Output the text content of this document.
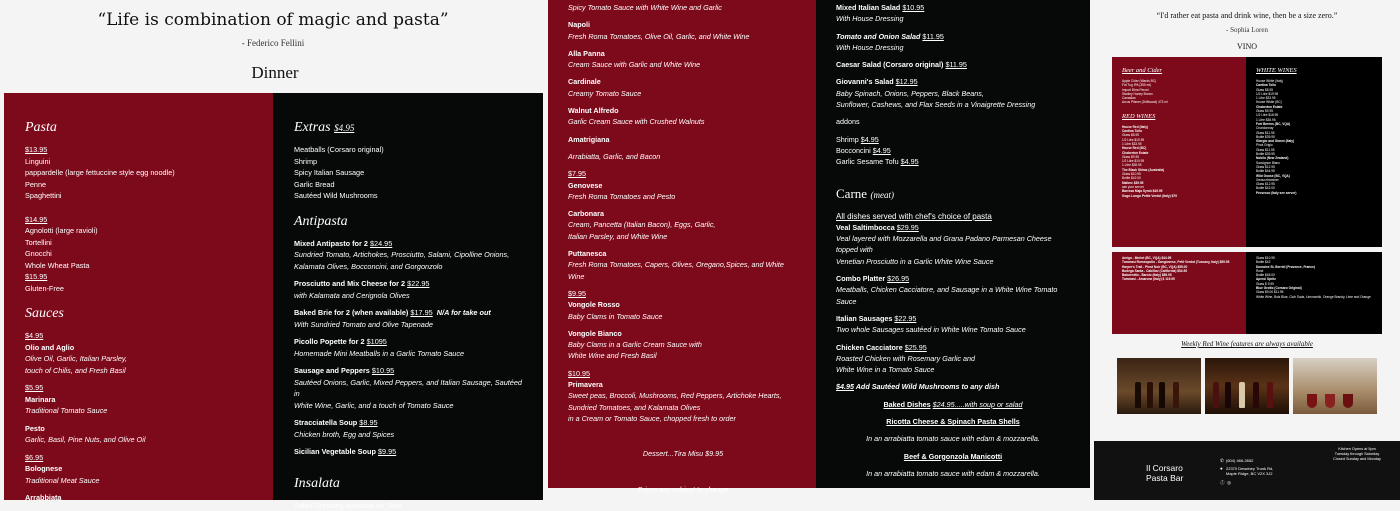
“Life is combination of magic and pasta”
- Federico Fellini
Dinner
Pasta
$13.95
Linguini
pappardelle (large fettuccine style egg noodle)
Penne
Spaghettini
$14.95
Agnolotti (large ravioli)
Tortellini
Gnocchi
Whole Wheat Pasta
$15.95
Gluten-Free
Sauces
$4.95
Olio and Aglio
Olive Oil, Garlic, Italian Parsley,
touch of Chilis, and Fresh Basil
$5.95
Marinara
Traditional Tomato Sauce
Pesto
Garlic, Basil, Pine Nuts, and Olive Oil
$6.95
Bolognese
Traditional Meat Sauce
Arrabbiata
Extras $4.95
Meatballs (Corsaro original)
Shrimp
Spicy Italian Sausage
Garlic Bread
Sautéed Wild Mushrooms
Antipasta
Mixed Antipasto for 2 $24.95
Sundried Tomato, Artichokes, Prosciutto, Salami, Cipolline Onions,
Kalamata Olives, Bocconcini, and Gorgonzolo
Prosciutto and Mix Cheese for 2 $22.95
with Kalamata and Cerignola Olives
Baked Brie for 2 (when available) $17.95 N/A for take out
With Sundried Tomato and Olive Tapenade
Picollo Popette for 2 $1095
Homemade Mini Meatballs in a Garlic Tomato Sauce
Sausage and Peppers $10.95
Sautéed Onions, Garlic, Mixed Peppers, and Italian Sausage, Sautéed in
White Wine, Garlic, and a touch of Tomato Sauce
Stracciatella Soup $8.95
Chicken broth, Egg and Spices
Sicilian Vegetable Soup $9.95
Insalata
Salad Dressing Available for Sale
Spicy Tomato Sauce with White Wine and Garlic
Napoli
Fresh Roma Tomatoes, Olive Oil, Garlic, and White Wine
Alla Panna
Cream Sauce with Garlic and White Wine
Cardinale
Creamy Tomato Sauce
Walnut Alfredo
Garlic Cream Sauce with Crushed Walnuts
Amatrigiana
Arrabiatta, Garlic, and Bacon
$7.95
Genovese
Fresh Roma Tomatoes and Pesto
Carbonara
Cream, Pancetta (Italian Bacon), Eggs, Garlic,
Italian Parsley, and White Wine
Puttanesca
Fresh Roma Tomatoes, Capers, Olives, Oregano,Spices, and White Wine
$9.95
Vongole Rosso
Baby Clams in Tomato Sauce
Vongole Bianco
Baby Clams in a Garlic Cream Sauce with
White Wine and Fresh Basil
$10.95
Primavera
Sweet peas, Broccoli, Mushrooms, Red Peppers, Artichoke Hearts,
Sundried Tomatoes, and Kalamata Olives
in a Cream or Tomato Sauce, chopped fresh to order
Dessert...Tira Misu $9.95
Prices are subject to change
Mixed Italian Salad $10.95
With House Dressing
Tomato and Onion Salad $11.95
With House Dressing
Caesar Salad (Corsaro original) $11.95
Giovanni's Salad $12.95
Baby Spinach, Onions, Peppers, Black Beans,
Sunflower, Cashews, and Flax Seeds in a Vinaigrette Dressing
addons
Shrimp $4.95
Bocconcini $4.95
Garlic Sesame Tofu $4.95
Carne (meat)
All dishes served with chef's choice of pasta
Veal Saltimbocca $29.95
Veal layered with Mozzarella and Grana Padano Parmesan Cheese topped with
Venetian Prosciutto in a Garlic White Wine Sauce
Combo Platter $26.95
Meatballs, Chicken Cacciatore, and Sausage in a White Wine Tomato Sauce
Italian Sausages $22.95
Two whole Sausages sautéed in White Wine Tomato Sauce
Chicken Cacciatore $25.95
Roasted Chicken with Rosemary Garlic and
White Wine in a Tomato Sauce
$4.95 Add Sautéed Wild Mushrooms to any dish
Baked Dishes $24.95.....with soup or salad
Ricotta Cheese & Spinach Pasta Shells
In an arrabiatta tomato sauce with edam & mozzarella.
Beef & Gorgonzola Manicotti
In an arrabiatta tomato sauce with edam & mozzarella.
“I'd rather eat pasta and drink wine, then be a size zero.”
- Sophia Loren
VINO
Beer and Cider
Apple Cider (Wards BC)
Fat Tug IPA (355 ml)
Import Birra Peroni
Stanley Honey Brown
Canadian
Arcus Pilsner (Driftwood) 473 ml
RED WINES
House Red (Italy)
Cantina Tollo
Glass $8.95
1/2 Litre $19.95
1 Litre $33.95
House Red (BC)
Chaberton Estate
Glass $9.95
1/2 Litre $19.95
1 Litre $38.95
The Black Shiraz (Australia)
Glass $10.95
Bottle $42.00
Malbec $39.95
ask your server
Barrosa Maja Syrah $49.95
Gogo Longo Petite Verdot (Italy) $79
WHITE WINES
House White (Italy)
Cantina Tollo
Glass $8.95
1/2 Litre $19.95
1 Litre $33.95
House White (BC)
Chaberton Estate
Glass $9.95
1/2 Litre $18.95
1 Litre $38.95
Fort Berens (BC, VQA)
Chardonnay
Glass $11.95
Bottle $39.95
Giorgio and Gianni (Italy)
Pinot Grigio
Glass $11.95
Bottle $39.95
Nobilo (New Zealand)
Sauvignon Blanc
Glass $12.95
Bottle $44.95
Wild Goose (BC, VQA)
Gewurztraminer
Glass $12.95
Bottle $42.00
Prosecco (Italy see server)
Amigo - Merlot (BC, VQA) $44.95
Tommasi Romeopollo - Sangiovese, Petit Verdot (Tuscany, Italy) $59.95
Harper's Trail - Pinot Noir (BC, VQA) $55.00
Bodega Santa - Cab/Sav (California) $54.95
Baboentito - Barolo (Italy) $89.95
Tommasi - Amarone (Italy) $ 119.95
Glass $10.95
Bottle $42
Domaine St. Berriel (Provence, France)
Rosé
Bottle $45.00
Aperol Spritz
Glass $ 9.95
Blue Grotto (Corsaro Original)
Glass $9.00 $11.95
White Wine, Bols Blue, Club Soda, Limoncello, Orange Brandy, Lime and Orange
Weekly Red Wine features are always available
Il Corsaro
Pasta Bar
✆ (604) 466-2652
● 22370 Dewdney Trunk Rd,
Maple Ridge, BC V2X 3J2
ⓕ ◎
Kitchen Opens at 5pm
Tuesday through Saturday
Closed Sunday and Monday
